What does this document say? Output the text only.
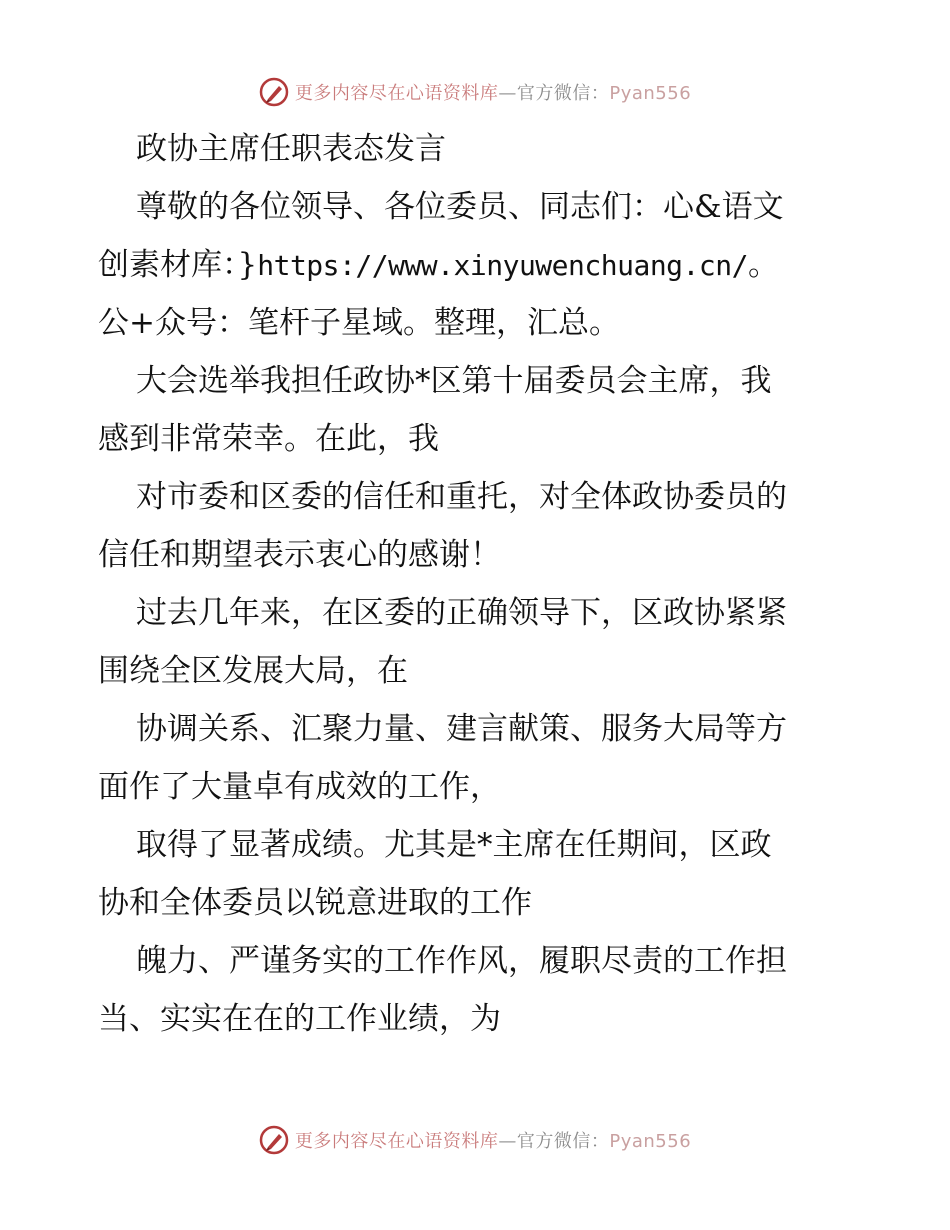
更多内容尽在心语资料库—官方微信：Pyan556
政协主席任职表态发言
尊敬的各位领导、各位委员、同志们：心&语文
创素材库：}https://www.xinyuwenchuang.cn/。
公+众号：笔杆子星域。整理，汇总。
大会选举我担任政协*区第十届委员会主席，我
感到非常荣幸。在此，我
对市委和区委的信任和重托，对全体政协委员的
信任和期望表示衷心的感谢！
过去几年来，在区委的正确领导下，区政协紧紧
围绕全区发展大局，在
协调关系、汇聚力量、建言献策、服务大局等方
面作了大量卓有成效的工作，
取得了显著成绩。尤其是*主席在任期间，区政
协和全体委员以锐意进取的工作
魄力、严谨务实的工作作风，履职尽责的工作担
当、实实在在的工作业绩，为
更多内容尽在心语资料库—官方微信：Pyan556
